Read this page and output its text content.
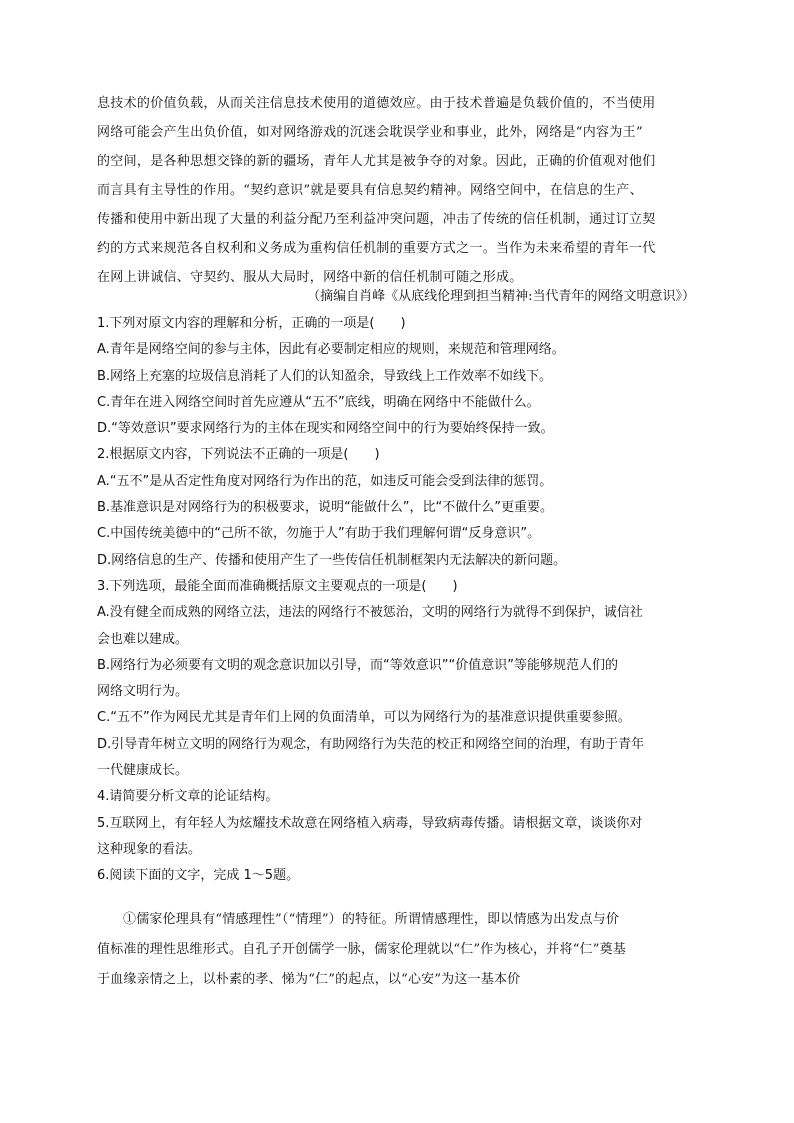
息技术的价值负载，从而关注信息技术使用的道德效应。由于技术普遍是负载价值的，不当使用

网络可能会产生出负价值，如对网络游戏的沉迷会耽误学业和事业，此外，网络是“内容为王”

的空间，是各种思想交锋的新的疆场，青年人尤其是被争夺的对象。因此，正确的价值观对他们

而言具有主导性的作用。“契约意识”就是要具有信息契约精神。网络空间中，在信息的生产、

传播和使用中新出现了大量的利益分配乃至利益冲突问题，冲击了传统的信任机制，通过订立契

约的方式来规范各自权利和义务成为重构信任机制的重要方式之一。当作为未来希望的青年一代

在网上讲诚信、守契约、服从大局时，网络中新的信任机制可随之形成。

（摘编自肖峰《从底线伦理到担当精神:当代青年的网络文明意识》）

1.下列对原文内容的理解和分析，正确的一项是(　　)

A.青年是网络空间的参与主体，因此有必要制定相应的规则，来规范和管理网络。

B.网络上充塞的垃圾信息消耗了人们的认知盈余，导致线上工作效率不如线下。

C.青年在进入网络空间时首先应遵从“五不”底线，明确在网络中不能做什么。

D.“等效意识”要求网络行为的主体在现实和网络空间中的行为要始终保持一致。

2.根据原文内容，下列说法不正确的一项是(　　)

A.“五不”是从否定性角度对网络行为作出的范，如违反可能会受到法律的惩罚。

B.基准意识是对网络行为的积极要求，说明“能做什么”，比“不做什么”更重要。

C.中国传统美德中的“己所不欲，勿施于人”有助于我们理解何谓“反身意识”。

D.网络信息的生产、传播和使用产生了一些传信任机制框架内无法解决的新问题。

3.下列选项，最能全面而准确概括原文主要观点的一项是(　　)

A.没有健全而成熟的网络立法，违法的网络行不被惩治，文明的网络行为就得不到保护，诚信社

会也难以建成。

B.网络行为必须要有文明的观念意识加以引导，而“等效意识”“价值意识”等能够规范人们的

网络文明行为。

C.“五不”作为网民尤其是青年们上网的负面清单，可以为网络行为的基准意识提供重要参照。

D.引导青年树立文明的网络行为观念，有助网络行为失范的校正和网络空间的治理，有助于青年

一代健康成长。

4.请简要分析文章的论证结构。

5.互联网上，有年轻人为炫耀技术故意在网络植入病毒，导致病毒传播。请根据文章，谈谈你对

这种现象的看法。

6.阅读下面的文字，完成 1～5题。

①儒家伦理具有“情感理性”（“情理”）的特征。所谓情感理性，即以情感为出发点与价

值标准的理性思维形式。自孔子开创儒学一脉，儒家伦理就以“仁”作为核心，并将“仁”奠基

于血缘亲情之上，以朴素的孝、悌为“仁”的起点，以“心安”为这一基本价
